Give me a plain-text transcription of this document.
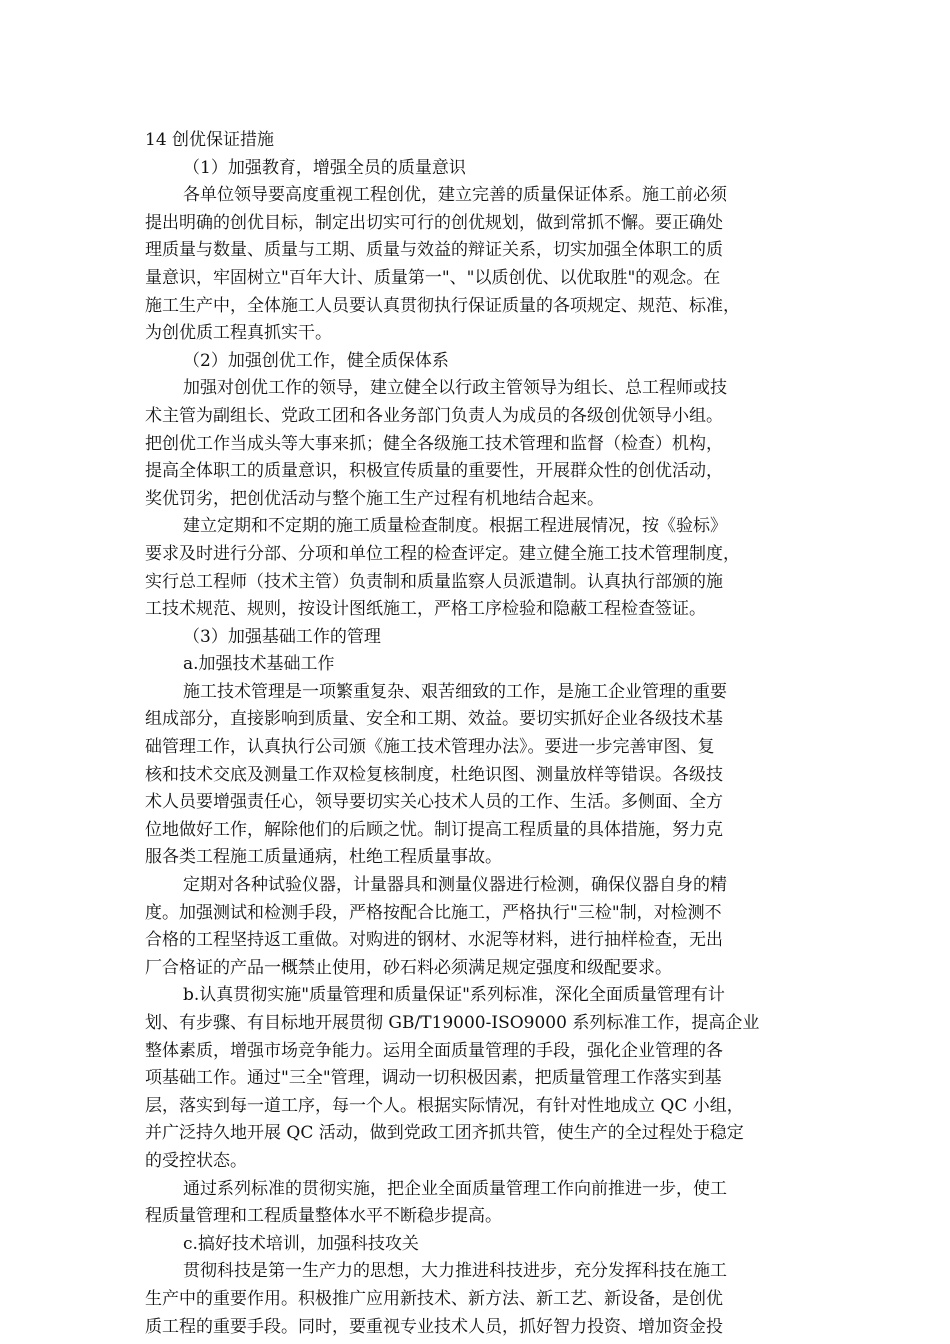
14 创优保证措施
（1）加强教育，增强全员的质量意识
各单位领导要高度重视工程创优，建立完善的质量保证体系。施工前必须
提出明确的创优目标，制定出切实可行的创优规划，做到常抓不懈。要正确处
理质量与数量、质量与工期、质量与效益的辩证关系，切实加强全体职工的质
量意识，牢固树立"百年大计、质量第一"、"以质创优、以优取胜"的观念。在
施工生产中，全体施工人员要认真贯彻执行保证质量的各项规定、规范、标准，
为创优质工程真抓实干。
（2）加强创优工作，健全质保体系
加强对创优工作的领导，建立健全以行政主管领导为组长、总工程师或技
术主管为副组长、党政工团和各业务部门负责人为成员的各级创优领导小组。
把创优工作当成头等大事来抓；健全各级施工技术管理和监督（检查）机构，
提高全体职工的质量意识，积极宣传质量的重要性，开展群众性的创优活动，
奖优罚劣，把创优活动与整个施工生产过程有机地结合起来。
建立定期和不定期的施工质量检查制度。根据工程进展情况，按《验标》
要求及时进行分部、分项和单位工程的检查评定。建立健全施工技术管理制度，
实行总工程师（技术主管）负责制和质量监察人员派遣制。认真执行部颁的施
工技术规范、规则，按设计图纸施工，严格工序检验和隐蔽工程检查签证。
（3）加强基础工作的管理
a.加强技术基础工作
施工技术管理是一项繁重复杂、艰苦细致的工作，是施工企业管理的重要
组成部分，直接影响到质量、安全和工期、效益。要切实抓好企业各级技术基
础管理工作，认真执行公司颁《施工技术管理办法》。要进一步完善审图、复
核和技术交底及测量工作双检复核制度，杜绝识图、测量放样等错误。各级技
术人员要增强责任心，领导要切实关心技术人员的工作、生活。多侧面、全方
位地做好工作，解除他们的后顾之忧。制订提高工程质量的具体措施，努力克
服各类工程施工质量通病，杜绝工程质量事故。
定期对各种试验仪器，计量器具和测量仪器进行检测，确保仪器自身的精
度。加强测试和检测手段，严格按配合比施工，严格执行"三检"制，对检测不
合格的工程坚持返工重做。对购进的钢材、水泥等材料，进行抽样检查，无出
厂合格证的产品一概禁止使用，砂石料必须满足规定强度和级配要求。
b.认真贯彻实施"质量管理和质量保证"系列标准，深化全面质量管理有计
划、有步骤、有目标地开展贯彻 GB/T19000-ISO9000 系列标准工作，提高企业
整体素质，增强市场竞争能力。运用全面质量管理的手段，强化企业管理的各
项基础工作。通过"三全"管理，调动一切积极因素，把质量管理工作落实到基
层，落实到每一道工序，每一个人。根据实际情况，有针对性地成立 QC 小组，
并广泛持久地开展 QC 活动，做到党政工团齐抓共管，使生产的全过程处于稳定
的受控状态。
通过系列标准的贯彻实施，把企业全面质量管理工作向前推进一步，使工
程质量管理和工程质量整体水平不断稳步提高。
c.搞好技术培训，加强科技攻关
贯彻科技是第一生产力的思想，大力推进科技进步，充分发挥科技在施工
生产中的重要作用。积极推广应用新技术、新方法、新工艺、新设备，是创优
质工程的重要手段。同时，要重视专业技术人员，抓好智力投资、增加资金投
